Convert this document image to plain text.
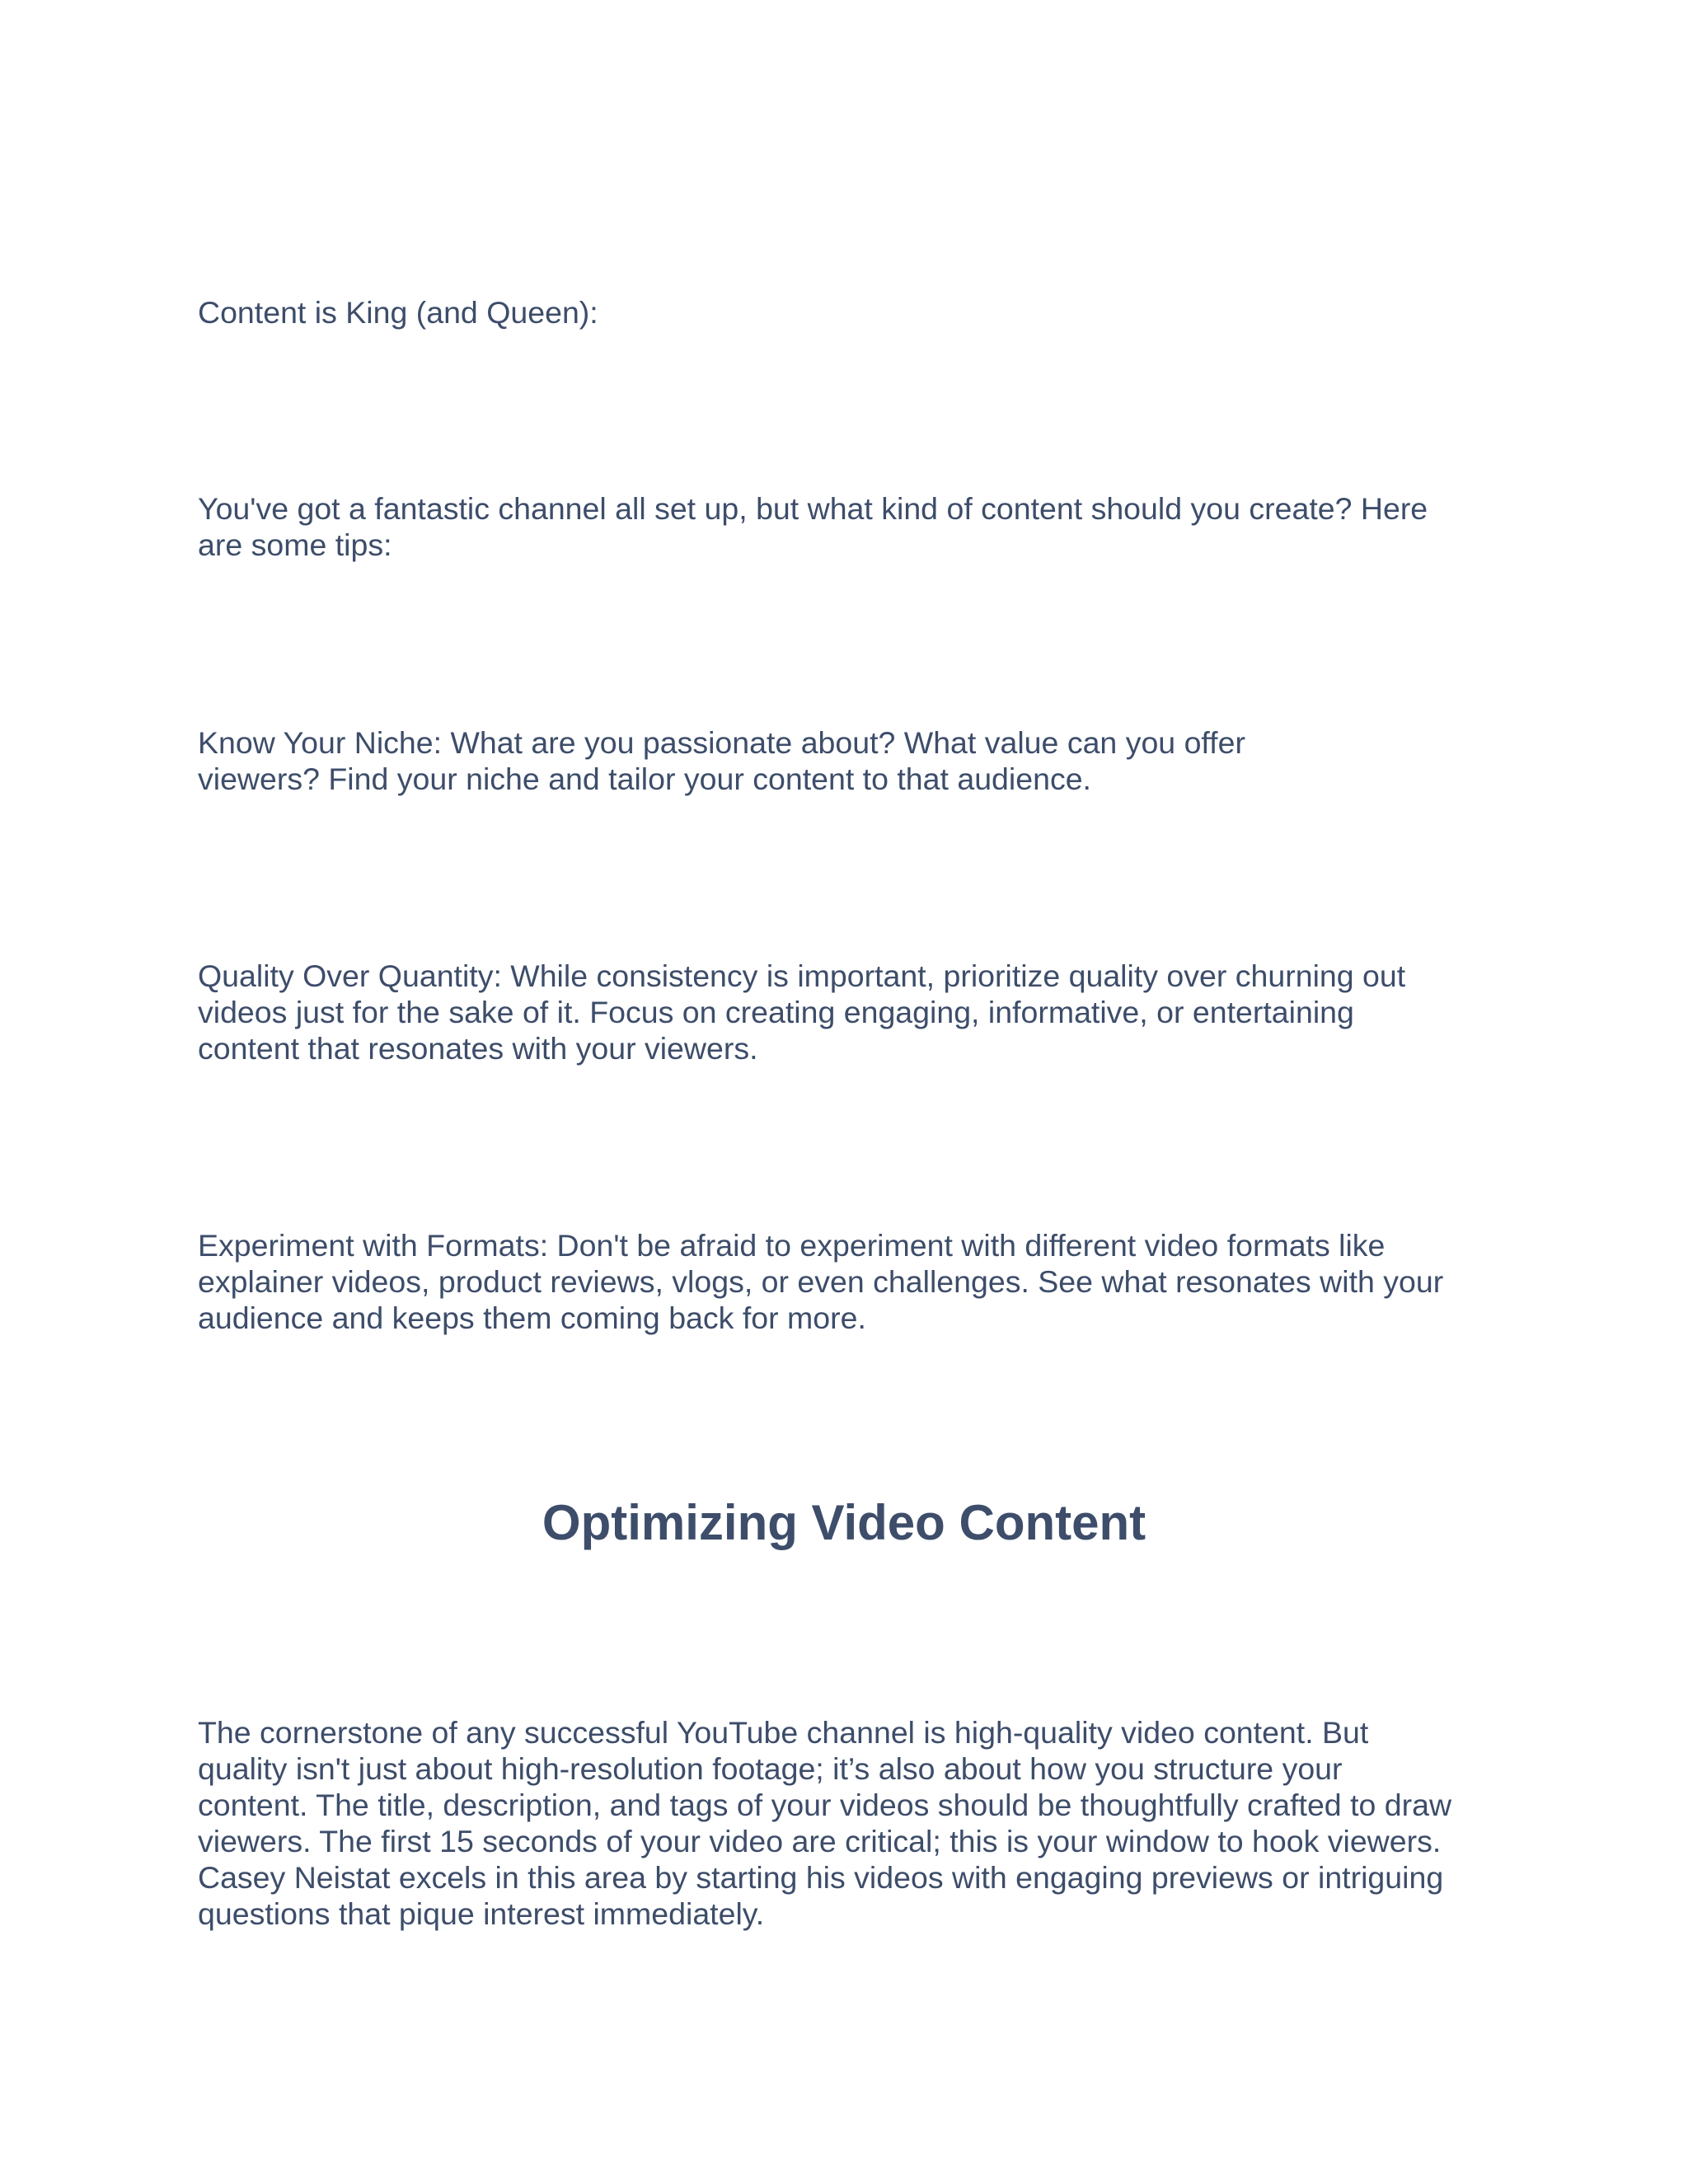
Content is King (and Queen):

You've got a fantastic channel all set up, but what kind of content should you create? Here
are some tips:

Know Your Niche: What are you passionate about? What value can you offer
viewers? Find your niche and tailor your content to that audience.

Quality Over Quantity: While consistency is important, prioritize quality over churning out
videos just for the sake of it. Focus on creating engaging, informative, or entertaining
content that resonates with your viewers.

Experiment with Formats: Don't be afraid to experiment with different video formats like
explainer videos, product reviews, vlogs, or even challenges. See what resonates with your
audience and keeps them coming back for more.

Optimizing Video Content

The cornerstone of any successful YouTube channel is high-quality video content. But
quality isn't just about high-resolution footage; it’s also about how you structure your
content. The title, description, and tags of your videos should be thoughtfully crafted to draw
viewers. The first 15 seconds of your video are critical; this is your window to hook viewers.
Casey Neistat excels in this area by starting his videos with engaging previews or intriguing
questions that pique interest immediately.
